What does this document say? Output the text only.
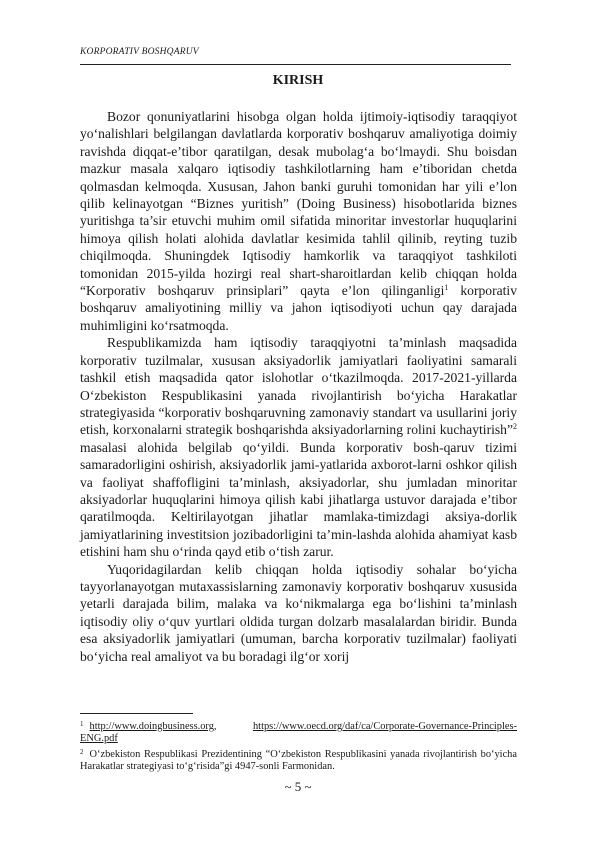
KORPORATIV BOSHQARUV
KIRISH

Bozor qonuniyatlarini hisobga olgan holda ijtimoiy-iqtisodiy taraqqiyot yo‘nalishlari belgilangan davlatlarda korporativ boshqaruv amaliyotiga doimiy ravishda diqqat-e’tibor qaratilgan, desak mubolag‘a bo‘lmaydi. Shu boisdan mazkur masala xalqaro iqtisodiy tashkilotlarning ham e’tiboridan chetda qolmasdan kelmoqda. Xususan, Jahon banki guruhi tomonidan har yili e’lon qilib kelinayotgan “Biznes yuritish” (Doing Business) hisobotlarida biznes yuritishga ta’sir etuvchi muhim omil sifatida minoritar investorlar huquqlarini himoya qilish holati alohida davlatlar kesimida tahlil qilinib, reyting tuzib chiqilmoqda. Shuningdek Iqtisodiy hamkorlik va taraqqiyot tashkiloti tomonidan 2015-yilda hozirgi real shart-sharoitlardan kelib chiqqan holda “Korporativ boshqaruv prinsiplari” qayta e’lon qilinganligi$^1$ korporativ boshqaruv amaliyotining milliy va jahon iqtisodiyoti uchun qay darajada muhimligini ko‘rsatmoqda.

Respublikamizda ham iqtisodiy taraqqiyotni ta’minlash maqsadida korporativ tuzilmalar, xususan aksiyadorlik jamiyatlari faoliyatini samarali tashkil etish maqsadida qator islohotlar o‘tkazilmoqda. 2017-2021-yillarda O‘zbekiston Respublikasini yanada rivojlantirish bo‘yicha Harakatlar strategiyasida “korporativ boshqaruvning zamonaviy standart va usullarini joriy etish, korxonalarni strategik boshqarishda aksiyadorlarning rolini kuchaytirish”$^2$ masalasi alohida belgilab qo‘yildi. Bunda korporativ bosh-qaruv tizimi samaradorligini oshirish, aksiyadorlik jami-yatlarida axborot-larni oshkor qilish va faoliyat shaffofligini ta’minlash, aksiyadorlar, shu jumladan minoritar aksiyadorlar huquqlarini himoya qilish kabi jihatlarga ustuvor darajada e’tibor qaratilmoqda. Keltirilayotgan jihatlar mamlaka-timizdagi aksiya-dorlik jamiyatlarining investitsion jozibadorligini ta’min-lashda alohida ahamiyat kasb etishini ham shu o‘rinda qayd etib o‘tish zarur.

Yuqoridagilardan kelib chiqqan holda iqtisodiy sohalar bo‘yicha tayyorlanayotgan mutaxassislarning zamonaviy korporativ boshqaruv xususida yetarli darajada bilim, malaka va ko‘nikmalarga ega bo‘lishini ta’minlash iqtisodiy oliy o‘quv yurtlari oldida turgan dolzarb masalalardan biridir. Bunda esa aksiyadorlik jamiyatlari (umuman, barcha korporativ tuzilmalar) faoliyati bo‘yicha real amaliyot va bu boradagi ilg‘or xorij

$^1$ http://www.doingbusiness.org, https://www.oecd.org/daf/ca/Corporate-Governance-Principles-ENG.pdf

$^2$ O‘zbekiston Respublikasi Prezidentining “O‘zbekiston Respublikasini yanada rivojlantirish bo‘yicha Harakatlar strategiyasi to‘g‘risida”gi 4947-sonli Farmonidan.

~ 5 ~
